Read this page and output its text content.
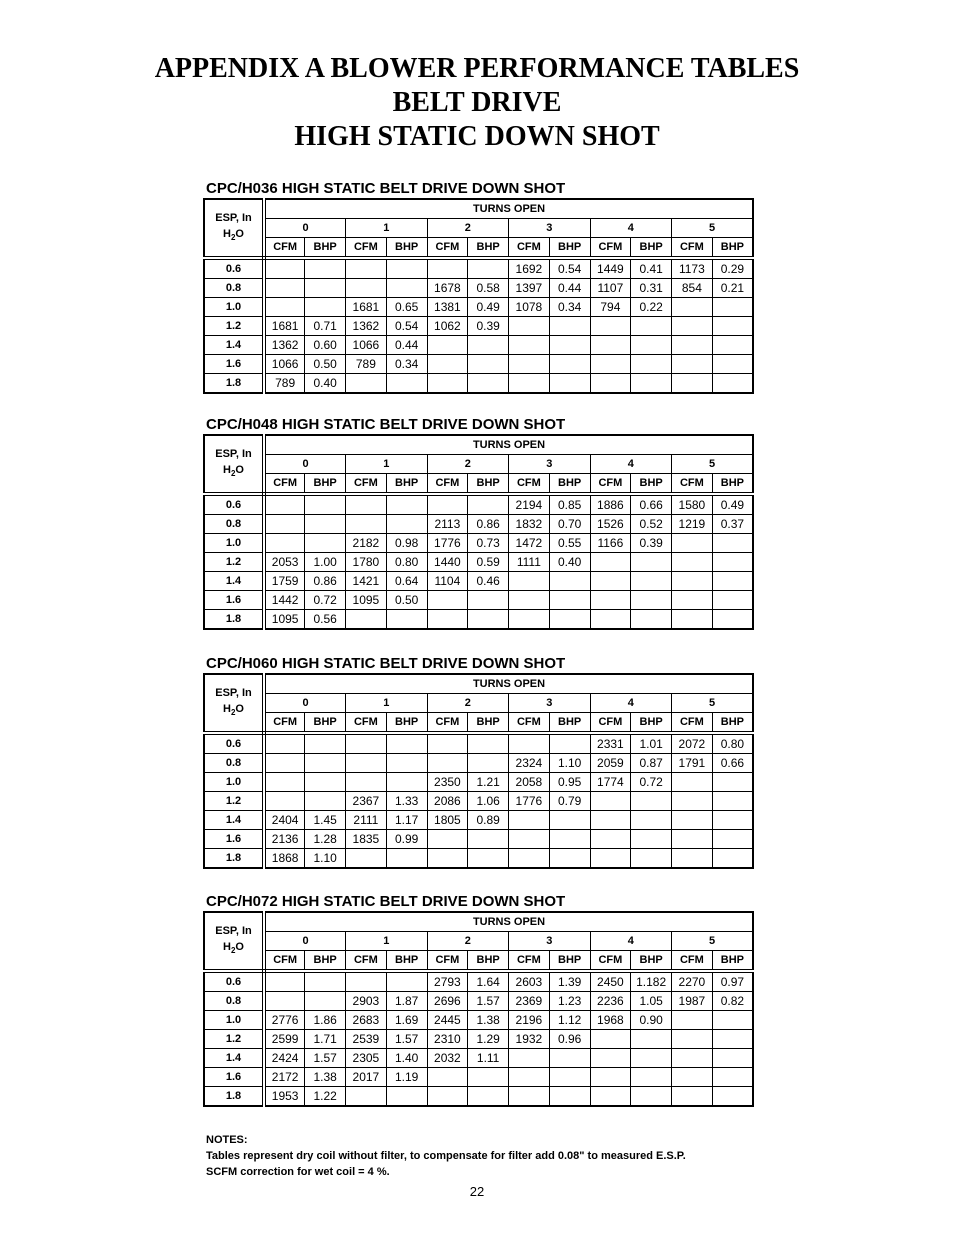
APPENDIX A BLOWER PERFORMANCE TABLES
BELT DRIVE
HIGH STATIC DOWN SHOT
CPC/H036 HIGH STATIC BELT DRIVE DOWN SHOT
ESP, In
$H_2O$	TURNS OPEN											
	0		1		2		3		4		5	
	CFM	BHP	CFM	BHP	CFM	BHP	CFM	BHP	CFM	BHP	CFM	BHP
0.6							1692	0.54	1449	0.41	1173	0.29
0.8					1678	0.58	1397	0.44	1107	0.31	854	0.21
1.0			1681	0.65	1381	0.49	1078	0.34	794	0.22		
1.2	1681	0.71	1362	0.54	1062	0.39						
1.4	1362	0.60	1066	0.44								
1.6	1066	0.50	789	0.34								
1.8	789	0.40										
CPC/H048 HIGH STATIC BELT DRIVE DOWN SHOT
ESP, In
$H_2O$	TURNS OPEN											
	0		1		2		3		4		5	
	CFM	BHP	CFM	BHP	CFM	BHP	CFM	BHP	CFM	BHP	CFM	BHP
0.6							2194	0.85	1886	0.66	1580	0.49
0.8					2113	0.86	1832	0.70	1526	0.52	1219	0.37
1.0			2182	0.98	1776	0.73	1472	0.55	1166	0.39		
1.2	2053	1.00	1780	0.80	1440	0.59	1111	0.40				
1.4	1759	0.86	1421	0.64	1104	0.46						
1.6	1442	0.72	1095	0.50								
1.8	1095	0.56										
CPC/H060 HIGH STATIC BELT DRIVE DOWN SHOT
ESP, In
$H_2O$	TURNS OPEN											
	0		1		2		3		4		5	
	CFM	BHP	CFM	BHP	CFM	BHP	CFM	BHP	CFM	BHP	CFM	BHP
0.6									2331	1.01	2072	0.80
0.8							2324	1.10	2059	0.87	1791	0.66
1.0					2350	1.21	2058	0.95	1774	0.72		
1.2			2367	1.33	2086	1.06	1776	0.79				
1.4	2404	1.45	2111	1.17	1805	0.89						
1.6	2136	1.28	1835	0.99								
1.8	1868	1.10										
CPC/H072 HIGH STATIC BELT DRIVE DOWN SHOT
ESP, In
$H_2O$	TURNS OPEN											
	0		1		2		3		4		5	
	CFM	BHP	CFM	BHP	CFM	BHP	CFM	BHP	CFM	BHP	CFM	BHP
0.6					2793	1.64	2603	1.39	2450	1.182	2270	0.97
0.8			2903	1.87	2696	1.57	2369	1.23	2236	1.05	1987	0.82
1.0	2776	1.86	2683	1.69	2445	1.38	2196	1.12	1968	0.90		
1.2	2599	1.71	2539	1.57	2310	1.29	1932	0.96				
1.4	2424	1.57	2305	1.40	2032	1.11						
1.6	2172	1.38	2017	1.19								
1.8	1953	1.22										
NOTES:
Tables represent dry coil without filter, to compensate for filter add 0.08" to measured E.S.P.
SCFM correction for wet coil = 4 %.
22
